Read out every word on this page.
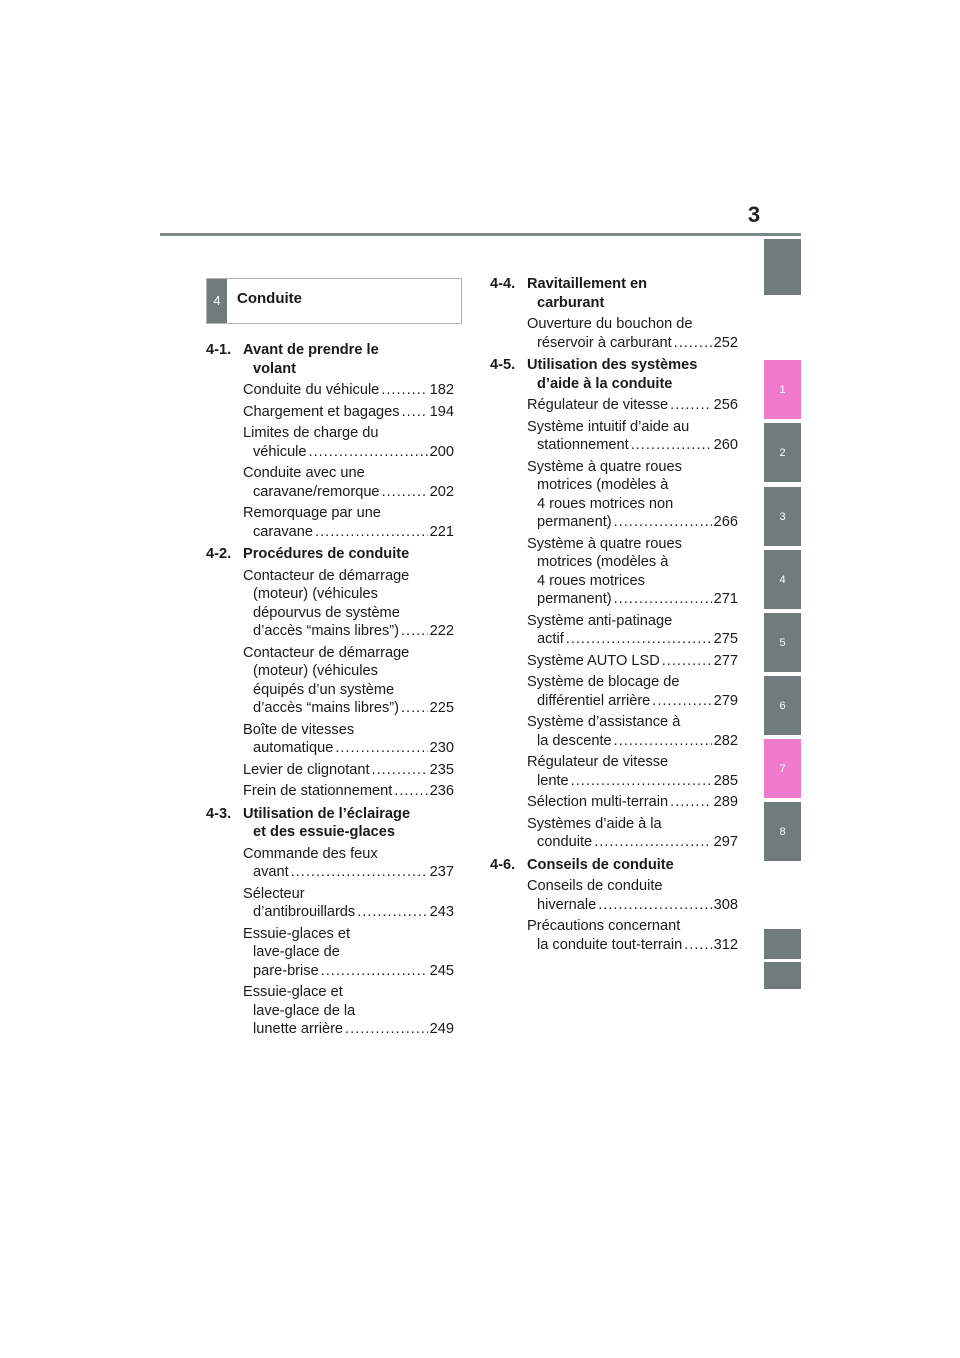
3
1
2
3
4
5
6
7
8
4	Conduite
4-1. Avant de prendre le
volant
Conduite du véhicule .....	182
Chargement et bagages ..... 194
Limites de charge du
véhicule .....	200
Conduite avec une
caravane/remorque .....	202
Remorquage par une
caravane .....	221
4-2. Procédures de conduite
Contacteur de démarrage
(moteur) (véhicules
dépourvus de système
d’accès “mains libres”) ..... 222
Contacteur de démarrage
(moteur) (véhicules
équipés d’un système
d’accès “mains libres”) ..... 225
Boîte de vitesses
automatique .....	230
Levier de clignotant .....	235
Frein de stationnement .....	236
4-3. Utilisation de l’éclairage
et des essuie-glaces
Commande des feux
avant .....	237
Sélecteur
d’antibrouillards .....	243
Essuie-glaces et
lave-glace de
pare-brise .....	245
Essuie-glace et
lave-glace de la
lunette arrière .....	249
4-4. Ravitaillement en
carburant
Ouverture du bouchon de
réservoir à carburant .....	252
4-5. Utilisation des systèmes
d’aide à la conduite
Régulateur de vitesse .....	256
Système intuitif d’aide au
stationnement .....	260
Système à quatre roues
motrices (modèles à
4 roues motrices non
permanent) .....	266
Système à quatre roues
motrices (modèles à
4 roues motrices
permanent) .....	271
Système anti-patinage
actif .....	275
Système AUTO LSD .....	277
Système de blocage de
différentiel arrière .....	279
Système d’assistance à
la descente .....	282
Régulateur de vitesse
lente .....	285
Sélection multi-terrain .....	289
Systèmes d’aide à la
conduite .....	297
4-6. Conseils de conduite
Conseils de conduite
hivernale .....	308
Précautions concernant
la conduite tout-terrain ..... 312
